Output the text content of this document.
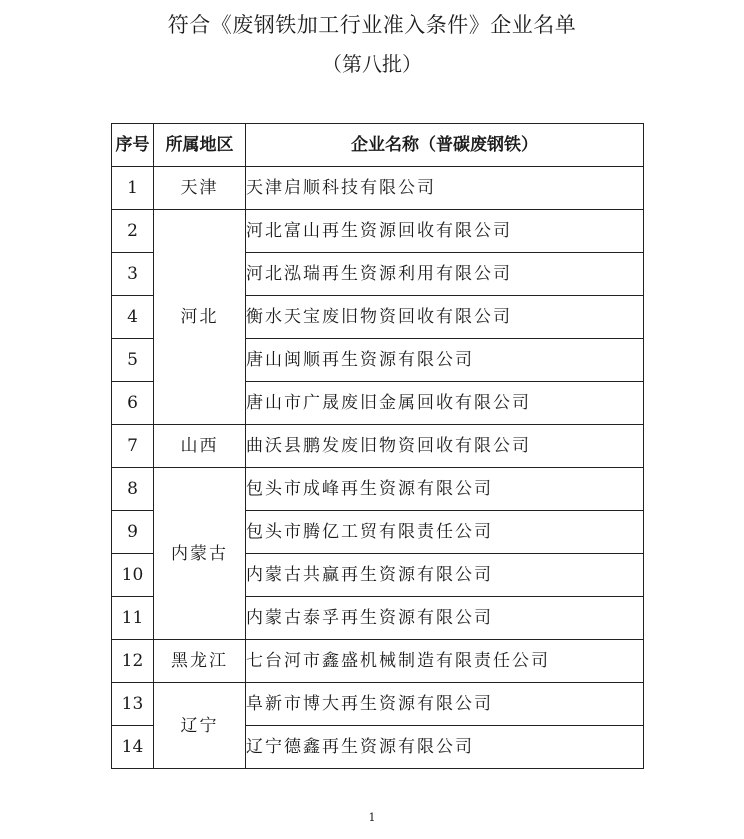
符合《废钢铁加工行业准入条件》企业名单
（第八批）
序号	所属地区	企业名称（普碳废钢铁）
1	天津	天津启顺科技有限公司
2	河北	河北富山再生资源回收有限公司
3		河北泓瑞再生资源利用有限公司
4		衡水天宝废旧物资回收有限公司
5		唐山闽顺再生资源有限公司
6		唐山市广晟废旧金属回收有限公司
7	山西	曲沃县鹏发废旧物资回收有限公司
8	内蒙古	包头市成峰再生资源有限公司
9		包头市腾亿工贸有限责任公司
10		内蒙古共赢再生资源有限公司
11		内蒙古泰孚再生资源有限公司
12	黑龙江	七台河市鑫盛机械制造有限责任公司
13	辽宁	阜新市博大再生资源有限公司
14		辽宁德鑫再生资源有限公司
1
